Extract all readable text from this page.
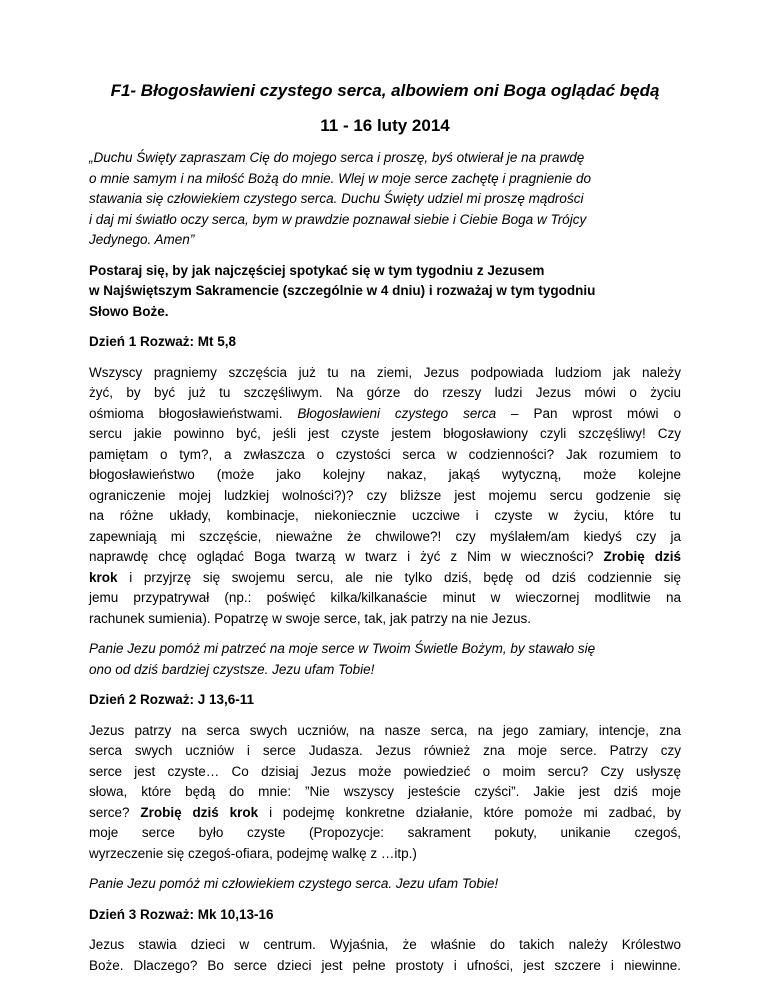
F1- Błogosławieni czystego serca, albowiem oni Boga oglądać będą
11 - 16 luty 2014

„Duchu Święty zapraszam Cię do mojego serca i proszę, byś otwierał je na prawdę
o mnie samym i na miłość Bożą do mnie. Wlej w moje serce zachętę i pragnienie do
stawania się człowiekiem czystego serca. Duchu Święty udziel mi proszę mądrości
i daj mi światło oczy serca, bym w prawdzie poznawał siebie i Ciebie Boga w Trójcy
Jedynego. Amen”

Postaraj się, by jak najczęściej spotykać się w tym tygodniu z Jezusem
w Najświętszym Sakramencie (szczególnie w 4 dniu) i rozważaj w tym tygodniu
Słowo Boże.

Dzień 1 Rozważ: Mt 5,8

Wszyscy pragniemy szczęścia już tu na ziemi, Jezus podpowiada ludziom jak należy
żyć, by być już tu szczęśliwym. Na górze do rzeszy ludzi Jezus mówi o życiu
ośmioma błogosławieństwami. Błogosławieni czystego serca – Pan wprost mówi o
sercu jakie powinno być, jeśli jest czyste jestem błogosławiony czyli szczęśliwy! Czy
pamiętam o tym?, a zwłaszcza o czystości serca w codzienności? Jak rozumiem to
błogosławieństwo (może jako kolejny nakaz, jakąś wytyczną, może kolejne
ograniczenie mojej ludzkiej wolności?)? czy bliższe jest mojemu sercu godzenie się
na różne układy, kombinacje, niekoniecznie uczciwe i czyste w życiu, które tu
zapewniają mi szczęście, nieważne że chwilowe?! czy myślałem/am kiedyś czy ja
naprawdę chcę oglądać Boga twarzą w twarz i żyć z Nim w wieczności? Zrobię dziś
krok i przyjrzę się swojemu sercu, ale nie tylko dziś, będę od dziś codziennie się
jemu przypatrywał (np.: poświęć kilka/kilkanaście minut w wieczornej modlitwie na
rachunek sumienia). Popatrzę w swoje serce, tak, jak patrzy na nie Jezus.

Panie Jezu pomóż mi patrzeć na moje serce w Twoim Świetle Bożym, by stawało się
ono od dziś bardziej czystsze. Jezu ufam Tobie!

Dzień 2 Rozważ: J 13,6-11

Jezus patrzy na serca swych uczniów, na nasze serca, na jego zamiary, intencje, zna
serca swych uczniów i serce Judasza. Jezus również zna moje serce. Patrzy czy
serce jest czyste… Co dzisiaj Jezus może powiedzieć o moim sercu? Czy usłyszę
słowa, które będą do mnie: ”Nie wszyscy jesteście czyści”. Jakie jest dziś moje
serce? Zrobię dziś krok i podejmę konkretne działanie, które pomoże mi zadbać, by
moje serce było czyste (Propozycje: sakrament pokuty, unikanie czegoś,
wyrzeczenie się czegoś-ofiara, podejmę walkę z …itp.)

Panie Jezu pomóż mi człowiekiem czystego serca. Jezu ufam Tobie!

Dzień 3 Rozważ: Mk 10,13-16

Jezus stawia dzieci w centrum. Wyjaśnia, że właśnie do takich należy Królestwo
Boże. Dlaczego? Bo serce dzieci jest pełne prostoty i ufności, jest szczere i niewinne.
